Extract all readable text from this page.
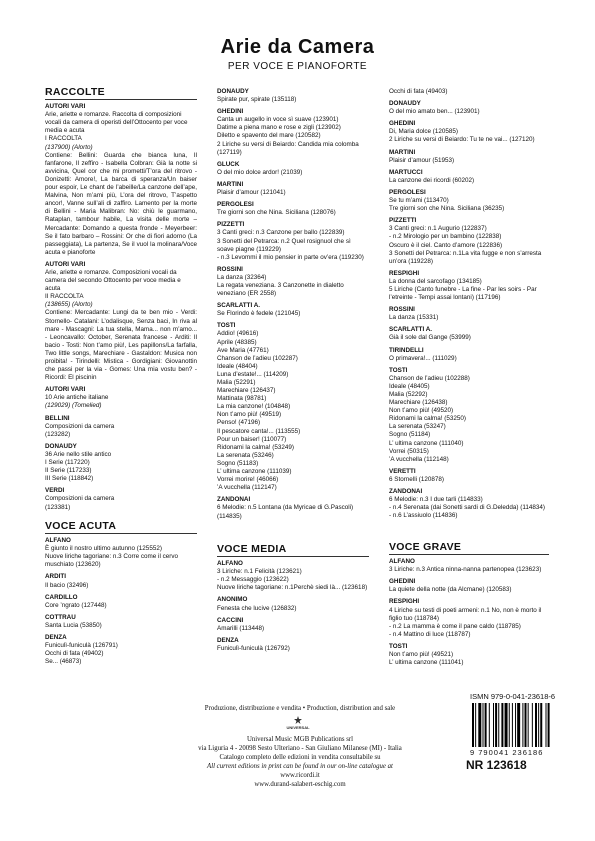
Arie da Camera
PER VOCE E PIANOFORTE
RACCOLTE
AUTORI VARI
Arie, ariette e romanze. Raccolta di composizioni vocali da camera di operisti dell’Ottocento per voce media e acuta
I RACCOLTA
(137900) (Alorto)
Contiene: Bellini: Guarda che bianca luna, Il fanfarone, Il zeffiro - Isabella Colbran: Già la notte si avvicina, Quel cor che mi prometti/T’ora del ritrovo - Donizetti: Amore!, La barca di speranza/Un baiser pour espoir, Le chant de l’abeille/La canzone dell’ape, Malvina, Non m’ami più, L’ora del ritrovo, T’aspetto ancor!, Vanne sull’ali di zaffiro. Lamento per la morte di Bellini - Maria Malibran: No: chiù le guarmano, Rataplan, tambour habile, La visita delle morte – Mercadante: Domando a questa fronde - Meyerbeer: Se il fato barbaro – Rossini: Or che di fiori adorno (La passeggiata), La partenza, Se il vuol la molinara/Voce acuta e pianoforte
AUTORI VARI
Arie, ariette e romanze. Composizioni vocali da camera del secondo Ottocento per voce media e acuta
II RACCOLTA
(138655) (Alorto)
Contiene: Mercadante: Lungi da te ben mio - Verdi: Stornello- Catalani: L’odalisque, Senza baci, In riva al mare - Mascagni: La tua stella, Mama... non m’amo... - Leoncavallo: October, Serenata francese - Arditi: Il bacio - Tosti: Non t’amo più!, Les papillons/La farfalla, Two little songs, Marechiare - Gastaldon: Musica non proibita! - Tirindelli: Mistica - Gordigiani: Giovanottin che passi per la via - Gomes: Una mia vostu ben? - Ricordi: El piscinin
AUTORI VARI
10 Arie antiche italiane
(129029) (Tomelied)
BELLINI
Composizioni da camera
(123282)
DONAUDY
36 Arie nello stile antico
I Serie (117220)
II Serie (117233)
III Serie (118842)
VERDI
Composizioni da camera
(123381)
DONAUDY
Spirate pur, spirate (135118)
GHEDINI
Canta un augello in voce sì suave (123901)
Datime a piena mano e rose e zigli (123902)
Diletto e spavento del mare (120582)
2 Liriche su versi di Beiardo: Candida mia colomba (127119)
GLUCK
O del mio dolce ardor! (21039)
MARTINI
Plaisir d’amour (121041)
PERGOLESI
Tre giorni son che Nina. Siciliana (128076)
PIZZETTI
3 Canti greci: n.3 Canzone per ballo (122839)
3 Sonetti del Petrarca: n.2 Quel rosignuol che sì soave piagne (119229)
- n.3 Levommi il mio pensier in parte ov’era (119230)
ROSSINI
La danza (32364)
La regata veneziana. 3 Canzonette in dialetto veneziano (ER 2558)
SCARLATTI A.
Se Florindo è fedele (121045)
TOSTI
Addio! (49616)
Aprile (48385)
Ave Maria (47761)
Chanson de l’adieu (102287)
Ideale (48404)
Luna d’estate!... (114209)
Malia (52291)
Marechiare (126437)
Mattinata (98781)
La mia canzone! (104848)
Non t’amo più! (49519)
Penso! (47196)
Il pescatore canta!... (113555)
Pour un baiser! (110077)
Ridonami la calma! (53249)
La serenata (53246)
Sogno (51183)
L’ ultima canzone (111039)
Vorrei morire! (46066)
’A vucchella (112147)
ZANDONAI
6 Melodie: n.5 Lontana (da Myricae di G.Pascoli) (114835)
Occhi di fata (49403)
DONAUDY
O del mio amato ben... (123901)
GHEDINI
Di, Maria dolce (120585)
2 Liriche su versi di Beiardo: Tu te ne vai... (127120)
MARTINI
Plaisir d’amour (51953)
MARTUCCI
La canzone dei ricordi (60202)
PERGOLESI
Se tu m’ami (113470)
Tre giorni son che Nina. Siciliana (36235)
PIZZETTI
3 Canti greci: n.1 Augurio (122837)
- n.2 Mirologio per un bambino (122838)
Oscuro è il ciel. Canto d’amore (122836)
3 Sonetti del Petrarca: n.1La vita fugge e non s’arresta un’ora (119228)
RESPIGHI
La donna del sarcofago (134185)
5 Liriche (Canto funebre - La fine - Par les soirs - Par l’etreinte - Tempi assai lontani) (117196)
ROSSINI
La danza (15331)
SCARLATTI A.
Già il sole dal Gange (53999)
TIRINDELLI
O primavera!... (111029)
TOSTI
Chanson de l’adieu (102288)
Ideale (48405)
Malia (52292)
Marechiare (126438)
Non t’amo più! (49520)
Ridonami la calma! (53250)
La serenata (53247)
Sogno (51184)
L’ ultima canzone (111040)
Vorrei (50315)
’A vucchella (112148)
VERETTI
6 Stornelli (120878)
ZANDONAI
6 Melodie: n.3 I due tarli (114833)
- n.4 Serenata (dai Sonetti sardi di G.Deledda) (114834)
- n.6 L’assiuolo (114836)
VOCE ACUTA
ALFANO
È giunto il nostro ultimo autunno (125552)
Nuove liriche tagoriane: n.3 Corre come il cervo muschiato (123620)
ARDITI
Il bacio (32496)
CARDILLO
Core ’ngrato (127448)
COTTRAU
Santa Lucia (53850)
DENZA
Funiculì-funiculà (126791)
Occhi di fata (49402)
Se... (46873)
VOCE MEDIA
ALFANO
3 Liriche: n.1 Felicità (123621)
- n.2 Messaggio (123622)
Nuove liriche tagoriane: n.1Perchè siedi là... (123618)
ANONIMO
Fenesta che lucive (126832)
CACCINI
Amarilli (113448)
DENZA
Funiculì-funiculà (126792)
VOCE GRAVE
ALFANO
3 Liriche: n.3 Antica ninna-nanna partenopea (123623)
GHEDINI
La quiete della notte (da Alcmane) (120583)
RESPIGHI
4 Liriche su testi di poeti armeni: n.1 No, non è morto il figlio tuo (118784)
- n.2 La mamma è come il pane caldo (118785)
- n.4 Mattino di luce (118787)
TOSTI
Non t’amo più! (49521)
L’ ultima canzone (111041)
Produzione, distribuzione e vendita • Production, distribution and sale
Universal Music MGB Publications srl
via Liguria 4 - 20098 Sesto Ulteriano - San Giuliano Milanese (MI) - Italia
Catalogo completo delle edizioni in vendita consultabile su
All current editions in print can be found in our on-line catalogue at
www.ricordi.it
www.durand-salabert-eschig.com
UNIVERSAL
ISMN 979-0-041-23618-6
9 790041 236186
NR 123618
